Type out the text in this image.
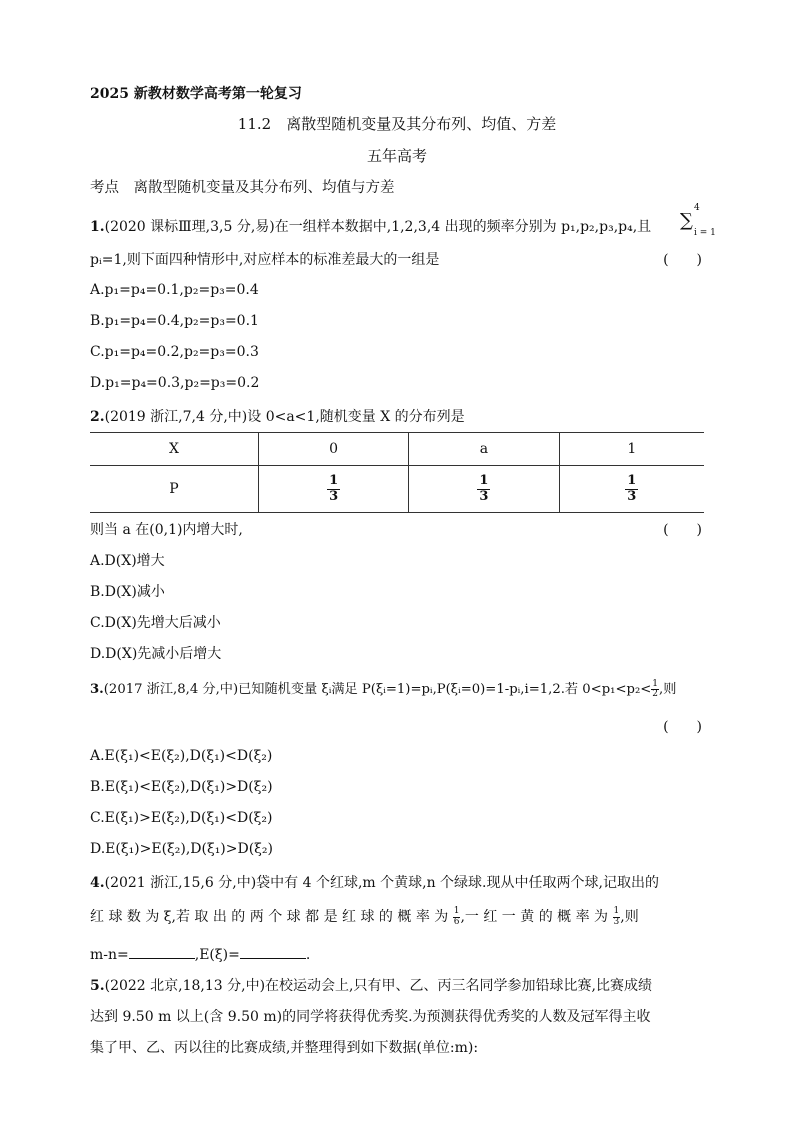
2025 新教材数学高考第一轮复习
11.2　离散型随机变量及其分布列、均值、方差
五年高考
考点　离散型随机变量及其分布列、均值与方差
1.(2020 课标Ⅲ理,3,5 分,易)在一组样本数据中,1,2,3,4 出现的频率分别为 p₁,p₂,p₃,p₄,且 ∑
4
i = 1
pᵢ=1,则下面四种情形中,对应样本的标准差最大的一组是	(　　)
A.p₁=p₄=0.1,p₂=p₃=0.4
B.p₁=p₄=0.4,p₂=p₃=0.1
C.p₁=p₄=0.2,p₂=p₃=0.3
D.p₁=p₄=0.3,p₂=p₃=0.2
2.(2019 浙江,7,4 分,中)设 0<a<1,随机变量 X 的分布列是
X	0	a	1
P	$\frac{1}{3}$	$\frac{1}{3}$	$\frac{1}{3}$
则当 a 在(0,1)内增大时,	(　　)
A.D(X)增大
B.D(X)减小
C.D(X)先增大后减小
D.D(X)先减小后增大
3.(2017 浙江,8,4 分,中)已知随机变量 ξᵢ满足 P(ξᵢ=1)=pᵢ,P(ξᵢ=0)=1-pᵢ,i=1,2.若 $0<p_1<p_2< \frac{1}{2}$ ,则
(　　)
A.E(ξ₁)<E(ξ₂),D(ξ₁)<D(ξ₂)
B.E(ξ₁)<E(ξ₂),D(ξ₁)>D(ξ₂)
C.E(ξ₁)>E(ξ₂),D(ξ₁)<D(ξ₂)
D.E(ξ₁)>E(ξ₂),D(ξ₁)>D(ξ₂)
4.(2021 浙江,15,6 分,中)袋中有 4 个红球,m 个黄球,n 个绿球.现从中任取两个球,记取出的
红 球 数 为 ξ,若 取 出 的 两 个 球 都 是 红 球 的 概 率 为 $\frac{1}{6}$ ,一 红 一 黄 的 概 率 为 $\frac{1}{3}$ ,则
m-n=	,E(ξ)=	.
5.(2022 北京,18,13 分,中)在校运动会上,只有甲、乙、丙三名同学参加铅球比赛,比赛成绩
达到 9.50 m 以上(含 9.50 m)的同学将获得优秀奖.为预测获得优秀奖的人数及冠军得主收
集了甲、乙、丙以往的比赛成绩,并整理得到如下数据(单位:m):
